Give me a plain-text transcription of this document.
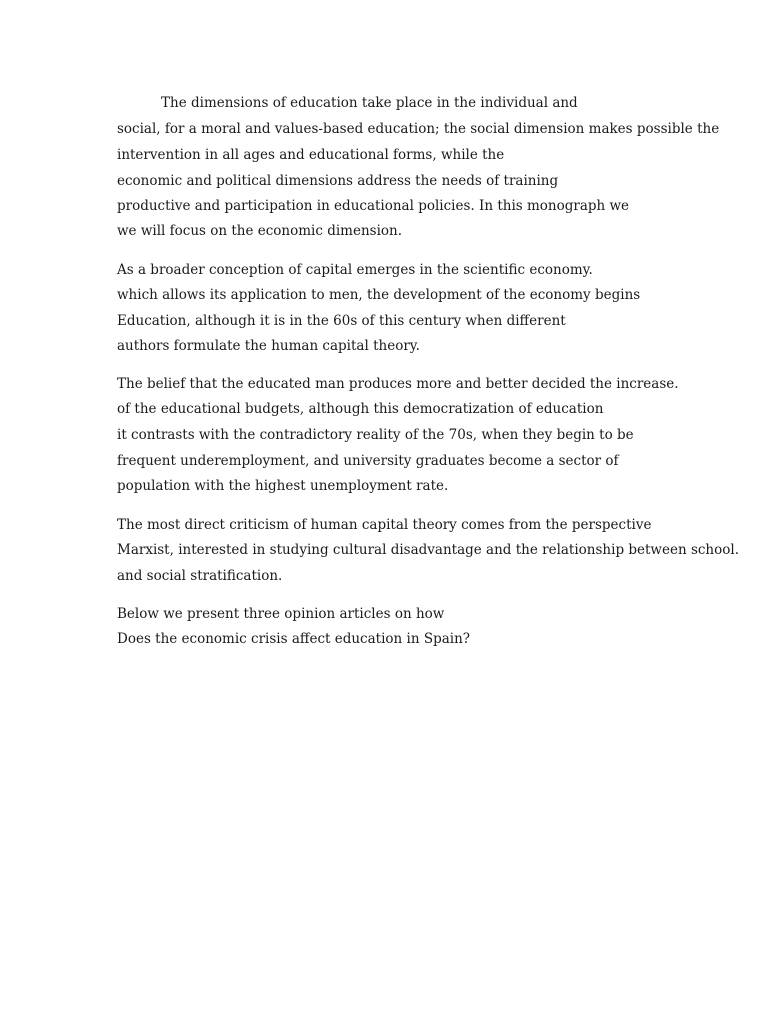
The dimensions of education take place in the individual and
social, for a moral and values-based education; the social dimension makes possible the
intervention in all ages and educational forms, while the
economic and political dimensions address the needs of training
productive and participation in educational policies. In this monograph we
we will focus on the economic dimension.
As a broader conception of capital emerges in the scientific economy.
which allows its application to men, the development of the economy begins
Education, although it is in the 60s of this century when different
authors formulate the human capital theory.
The belief that the educated man produces more and better decided the increase.
of the educational budgets, although this democratization of education
it contrasts with the contradictory reality of the 70s, when they begin to be
frequent underemployment, and university graduates become a sector of
population with the highest unemployment rate.
The most direct criticism of human capital theory comes from the perspective
Marxist, interested in studying cultural disadvantage and the relationship between school.
and social stratification.
Below we present three opinion articles on how
Does the economic crisis affect education in Spain?
